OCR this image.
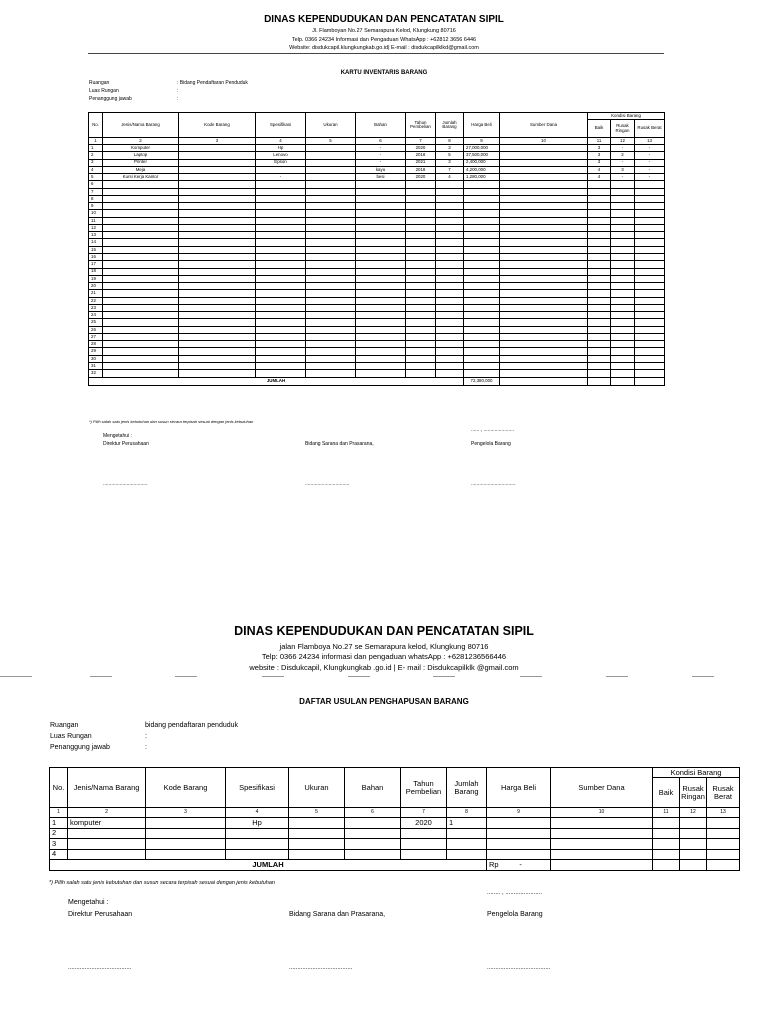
DINAS KEPENDUDUKAN DAN PENCATATAN SIPIL
Jl. Flamboyan No.27 Semarapura Kelod, Klungkung 80716
Telp. 0366 24234 Informasi dan Pengaduan WhatsApp : +62812 3656 6446
Website: disdukcapil.klungkungkab.go.id| E-mail : disdukcapilklkd@gmail.com
KARTU INVENTARIS BARANG
Ruangan	: Bidang Pendaftaran Penduduk
Luas Rungan	:
Penanggung jawab	:
No.	Jenis/Nama Barang	Kode Barang	Spesifikasi	Ukuran	Bahan	Tahun Pembelian	Jumlah Barang	Harga Beli	Sumber Dana	Kondisi Barang		
										Baik	Rusak Ringan	Rusak Berat
1	2	3	4	5	6	7	8	9	10	11	12	13
1	Komputer		Hp		-	2020	3	27,000,000		3	-	-
2	Laptop		Lenovo		-	2018	5	37,500,000		3	2	-
3	Printer		Epson		-	2021	3	2,400,000		3	-	-
4	Meja				kayu	2018	7	4,200,000		4	3	-
5	Kursi Kerja Kantor		-		besi	2020	4	1,280,000		4	-	-
6												
7												
8												
9												
10												
11												
12												
13												
14												
15												
16												
17												
18												
19												
20												
21												
22												
23												
24												
25												
26												
27												
28												
29												
30												
31												
32												
JUMLAH								72,380,000				
*) Pilih salah satu jenis kebutuhan dan susun secara terpisah sesuai dengan jenis kebutuhan
...... , ......................
Mengetahui :
Direktur Perusahaan	Bidang Sarana dan Prasarana,	Pengelola Barang
................................	................................	................................
DINAS KEPENDUDUKAN DAN PENCATATAN SIPIL
jalan Flamboya No.27 se Semarapura kelod, Klungkung 80716
Telp: 0366 24234 informasi dan pengaduan whatsApp : +6281236566446
website : Disdukcapil, Klungkungkab .go.id | E- mail : Disdukcapilklk @gmail.com
DAFTAR USULAN PENGHAPUSAN BARANG
Ruangan	bidang pendaftaran penduduk
Luas Rungan	:
Penanggung jawab	:
No.	Jenis/Nama Barang	Kode Barang	Spesifikasi	Ukuran	Bahan	Tahun Pembelian	Jumlah Barang	Harga Beli	Sumber Dana	Kondisi Barang		
										Baik	Rusak Ringan	Rusak Berat
1	2	3	4	5	6	7	8	9	10	11	12	13
1	komputer		Hp			2020	1					
2												
3												
4												
JUMLAH								Rp          -				
*) Pilih salah satu jenis kebutuhan dan susun secara terpisah sesuai dengan jenis kebutuhan
........ , ......................
Mengetahui :
Direktur Perusahaan	Bidang Sarana dan Prasarana,	Pengelola Barang
......................................	......................................	......................................
